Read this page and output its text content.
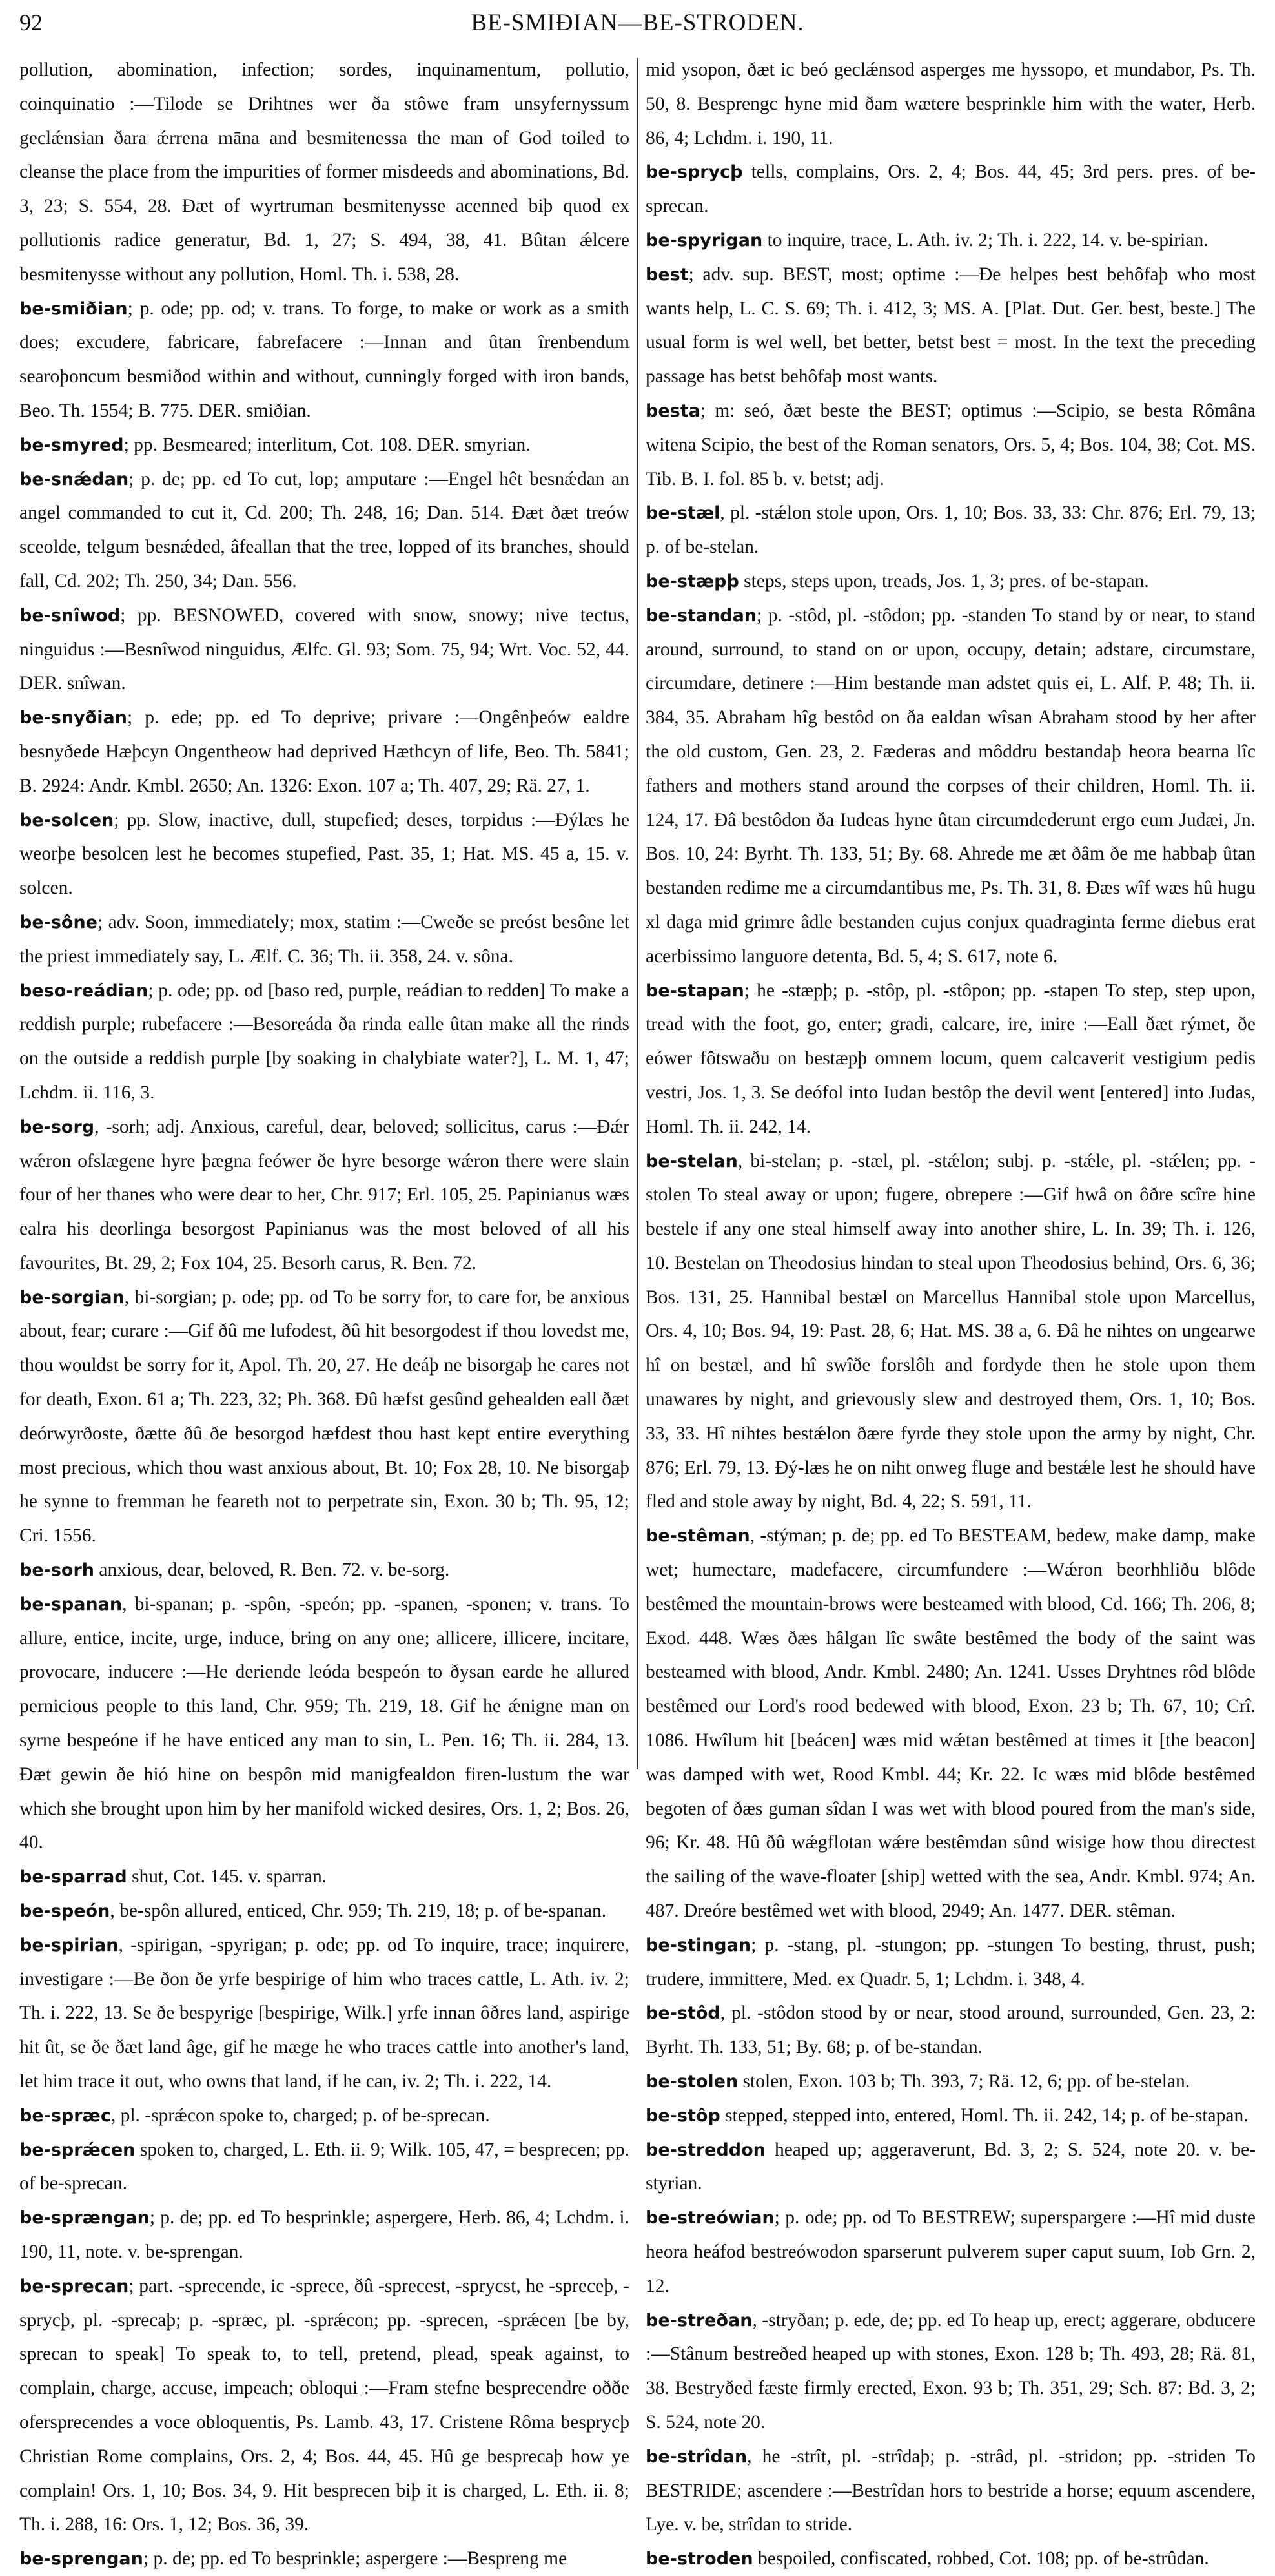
92	BE-SMIÐIAN—BE-STRODEN.

pollution, abomination, infection; sordes, inquinamentum, pollutio, coinquinatio :—Tilode se Drihtnes wer ða stôwe fram unsyfernyssum geclǽnsian ðara ǽrrena māna and besmitenessa the man of God toiled to cleanse the place from the impurities of former misdeeds and abominations, Bd. 3, 23; S. 554, 28. Ðæt of wyrtruman besmitenysse acenned biþ quod ex pollutionis radice generatur, Bd. 1, 27; S. 494, 38, 41. Bûtan ǽlcere besmitenysse without any pollution, Homl. Th. i. 538, 28.

be-smiðian; p. ode; pp. od; v. trans. To forge, to make or work as a smith does; excudere, fabricare, fabrefacere :—Innan and ûtan îrenbendum searoþoncum besmiðod within and without, cunningly forged with iron bands, Beo. Th. 1554; B. 775. DER. smiðian.

be-smyred; pp. Besmeared; interlitum, Cot. 108. DER. smyrian.

be-snǽdan; p. de; pp. ed To cut, lop; amputare :—Engel hêt besnǽdan an angel commanded to cut it, Cd. 200; Th. 248, 16; Dan. 514. Ðæt ðæt treów sceolde, telgum besnǽded, âfeallan that the tree, lopped of its branches, should fall, Cd. 202; Th. 250, 34; Dan. 556.

be-snîwod; pp. BESNOWED, covered with snow, snowy; nive tectus, ninguidus :—Besnîwod ninguidus, Ælfc. Gl. 93; Som. 75, 94; Wrt. Voc. 52, 44. DER. snîwan.

be-snyðian; p. ede; pp. ed To deprive; privare :—Ongênþeów ealdre besnyðede Hæþcyn Ongentheow had deprived Hæthcyn of life, Beo. Th. 5841; B. 2924: Andr. Kmbl. 2650; An. 1326: Exon. 107 a; Th. 407, 29; Rä. 27, 1.

be-solcen; pp. Slow, inactive, dull, stupefied; deses, torpidus :—Ðýlæs he weorþe besolcen lest he becomes stupefied, Past. 35, 1; Hat. MS. 45 a, 15. v. solcen.

be-sône; adv. Soon, immediately; mox, statim :—Cweðe se preóst besône let the priest immediately say, L. Ælf. C. 36; Th. ii. 358, 24. v. sôna.

beso-reádian; p. ode; pp. od [baso red, purple, reádian to redden] To make a reddish purple; rubefacere :—Besoreáda ða rinda ealle ûtan make all the rinds on the outside a reddish purple [by soaking in chalybiate water?], L. M. 1, 47; Lchdm. ii. 116, 3.

be-sorg, -sorh; adj. Anxious, careful, dear, beloved; sollicitus, carus :—Ðǽr wǽron ofslægene hyre þægna feówer ðe hyre besorge wǽron there were slain four of her thanes who were dear to her, Chr. 917; Erl. 105, 25. Papinianus wæs ealra his deorlinga besorgost Papinianus was the most beloved of all his favourites, Bt. 29, 2; Fox 104, 25. Besorh carus, R. Ben. 72.

be-sorgian, bi-sorgian; p. ode; pp. od To be sorry for, to care for, be anxious about, fear; curare :—Gif ðû me lufodest, ðû hit besorgodest if thou lovedst me, thou wouldst be sorry for it, Apol. Th. 20, 27. He deáþ ne bisorgaþ he cares not for death, Exon. 61 a; Th. 223, 32; Ph. 368. Ðû hæfst gesûnd gehealden eall ðæt deórwyrðoste, ðætte ðû ðe besorgod hæfdest thou hast kept entire everything most precious, which thou wast anxious about, Bt. 10; Fox 28, 10. Ne bisorgaþ he synne to fremman he feareth not to perpetrate sin, Exon. 30 b; Th. 95, 12; Cri. 1556.

be-sorh anxious, dear, beloved, R. Ben. 72. v. be-sorg.

be-spanan, bi-spanan; p. -spôn, -speón; pp. -spanen, -sponen; v. trans. To allure, entice, incite, urge, induce, bring on any one; allicere, illicere, incitare, provocare, inducere :—He deriende leóda bespeón to ðysan earde he allured pernicious people to this land, Chr. 959; Th. 219, 18. Gif he ǽnigne man on syrne bespeóne if he have enticed any man to sin, L. Pen. 16; Th. ii. 284, 13. Ðæt gewin ðe hió hine on bespôn mid manigfealdon firen-lustum the war which she brought upon him by her manifold wicked desires, Ors. 1, 2; Bos. 26, 40.

be-sparrad shut, Cot. 145. v. sparran.

be-speón, be-spôn allured, enticed, Chr. 959; Th. 219, 18; p. of be-spanan.

be-spirian, -spirigan, -spyrigan; p. ode; pp. od To inquire, trace; inquirere, investigare :—Be ðon ðe yrfe bespirige of him who traces cattle, L. Ath. iv. 2; Th. i. 222, 13. Se ðe bespyrige [bespirige, Wilk.] yrfe innan ôðres land, aspirige hit ût, se ðe ðæt land âge, gif he mæge he who traces cattle into another's land, let him trace it out, who owns that land, if he can, iv. 2; Th. i. 222, 14.

be-spræc, pl. -sprǽcon spoke to, charged; p. of be-sprecan.

be-sprǽcen spoken to, charged, L. Eth. ii. 9; Wilk. 105, 47, = besprecen; pp. of be-sprecan.

be-sprængan; p. de; pp. ed To besprinkle; aspergere, Herb. 86, 4; Lchdm. i. 190, 11, note. v. be-sprengan.

be-sprecan; part. -sprecende, ic -sprece, ðû -sprecest, -sprycst, he -spreceþ, -sprycþ, pl. -sprecaþ; p. -spræc, pl. -sprǽcon; pp. -sprecen, -sprǽcen [be by, sprecan to speak] To speak to, to tell, pretend, plead, speak against, to complain, charge, accuse, impeach; obloqui :—Fram stefne besprecendre oððe ofersprecendes a voce obloquentis, Ps. Lamb. 43, 17. Cristene Rôma besprycþ Christian Rome complains, Ors. 2, 4; Bos. 44, 45. Hû ge besprecaþ how ye complain! Ors. 1, 10; Bos. 34, 9. Hit besprecen biþ it is charged, L. Eth. ii. 8; Th. i. 288, 16: Ors. 1, 12; Bos. 36, 39.

be-sprengan; p. de; pp. ed To besprinkle; aspergere :—Bespreng me

mid ysopon, ðæt ic beó geclǽnsod asperges me hyssopo, et mundabor, Ps. Th. 50, 8. Besprengc hyne mid ðam wætere besprinkle him with the water, Herb. 86, 4; Lchdm. i. 190, 11.

be-sprycþ tells, complains, Ors. 2, 4; Bos. 44, 45; 3rd pers. pres. of be-sprecan.

be-spyrigan to inquire, trace, L. Ath. iv. 2; Th. i. 222, 14. v. be-spirian.

best; adv. sup. BEST, most; optime :—Ðe helpes best behôfaþ who most wants help, L. C. S. 69; Th. i. 412, 3; MS. A. [Plat. Dut. Ger. best, beste.] The usual form is wel well, bet better, betst best = most. In the text the preceding passage has betst behôfaþ most wants.

besta; m: seó, ðæt beste the BEST; optimus :—Scipio, se besta Rômâna witena Scipio, the best of the Roman senators, Ors. 5, 4; Bos. 104, 38; Cot. MS. Tib. B. I. fol. 85 b. v. betst; adj.

be-stæl, pl. -stǽlon stole upon, Ors. 1, 10; Bos. 33, 33: Chr. 876; Erl. 79, 13; p. of be-stelan.

be-stæpþ steps, steps upon, treads, Jos. 1, 3; pres. of be-stapan.

be-standan; p. -stôd, pl. -stôdon; pp. -standen To stand by or near, to stand around, surround, to stand on or upon, occupy, detain; adstare, circumstare, circumdare, detinere :—Him bestande man adstet quis ei, L. Alf. P. 48; Th. ii. 384, 35. Abraham hîg bestôd on ða ealdan wîsan Abraham stood by her after the old custom, Gen. 23, 2. Fæderas and môddru bestandaþ heora bearna lîc fathers and mothers stand around the corpses of their children, Homl. Th. ii. 124, 17. Ðâ bestôdon ða Iudeas hyne ûtan circumdederunt ergo eum Judæi, Jn. Bos. 10, 24: Byrht. Th. 133, 51; By. 68. Ahrede me æt ðâm ðe me habbaþ ûtan bestanden redime me a circumdantibus me, Ps. Th. 31, 8. Ðæs wîf wæs hû hugu xl daga mid grimre âdle bestanden cujus conjux quadraginta ferme diebus erat acerbissimo languore detenta, Bd. 5, 4; S. 617, note 6.

be-stapan; he -stæpþ; p. -stôp, pl. -stôpon; pp. -stapen To step, step upon, tread with the foot, go, enter; gradi, calcare, ire, inire :—Eall ðæt rýmet, ðe eówer fôtswaðu on bestæpþ omnem locum, quem calcaverit vestigium pedis vestri, Jos. 1, 3. Se deófol into Iudan bestôp the devil went [entered] into Judas, Homl. Th. ii. 242, 14.

be-stelan, bi-stelan; p. -stæl, pl. -stǽlon; subj. p. -stǽle, pl. -stǽlen; pp. -stolen To steal away or upon; fugere, obrepere :—Gif hwâ on ôðre scîre hine bestele if any one steal himself away into another shire, L. In. 39; Th. i. 126, 10. Bestelan on Theodosius hindan to steal upon Theodosius behind, Ors. 6, 36; Bos. 131, 25. Hannibal bestæl on Marcellus Hannibal stole upon Marcellus, Ors. 4, 10; Bos. 94, 19: Past. 28, 6; Hat. MS. 38 a, 6. Ðâ he nihtes on ungearwe hî on bestæl, and hî swîðe forslôh and fordyde then he stole upon them unawares by night, and grievously slew and destroyed them, Ors. 1, 10; Bos. 33, 33. Hî nihtes bestǽlon ðære fyrde they stole upon the army by night, Chr. 876; Erl. 79, 13. Ðý-læs he on niht onweg fluge and bestǽle lest he should have fled and stole away by night, Bd. 4, 22; S. 591, 11.

be-stêman, -stýman; p. de; pp. ed To BESTEAM, bedew, make damp, make wet; humectare, madefacere, circumfundere :—Wǽron beorhhliðu blôde bestêmed the mountain-brows were besteamed with blood, Cd. 166; Th. 206, 8; Exod. 448. Wæs ðæs hâlgan lîc swâte bestêmed the body of the saint was besteamed with blood, Andr. Kmbl. 2480; An. 1241. Usses Dryhtnes rôd blôde bestêmed our Lord's rood bedewed with blood, Exon. 23 b; Th. 67, 10; Crî. 1086. Hwîlum hit [beácen] wæs mid wǽtan bestêmed at times it [the beacon] was damped with wet, Rood Kmbl. 44; Kr. 22. Ic wæs mid blôde bestêmed begoten of ðæs guman sîdan I was wet with blood poured from the man's side, 96; Kr. 48. Hû ðû wǽgflotan wǽre bestêmdan sûnd wisige how thou directest the sailing of the wave-floater [ship] wetted with the sea, Andr. Kmbl. 974; An. 487. Dreóre bestêmed wet with blood, 2949; An. 1477. DER. stêman.

be-stingan; p. -stang, pl. -stungon; pp. -stungen To besting, thrust, push; trudere, immittere, Med. ex Quadr. 5, 1; Lchdm. i. 348, 4.

be-stôd, pl. -stôdon stood by or near, stood around, surrounded, Gen. 23, 2: Byrht. Th. 133, 51; By. 68; p. of be-standan.

be-stolen stolen, Exon. 103 b; Th. 393, 7; Rä. 12, 6; pp. of be-stelan.

be-stôp stepped, stepped into, entered, Homl. Th. ii. 242, 14; p. of be-stapan.

be-streddon heaped up; aggeraverunt, Bd. 3, 2; S. 524, note 20. v. be-styrian.

be-streówian; p. ode; pp. od To BESTREW; superspargere :—Hî mid duste heora heáfod bestreówodon sparserunt pulverem super caput suum, Iob Grn. 2, 12.

be-streðan, -stryðan; p. ede, de; pp. ed To heap up, erect; aggerare, obducere :—Stânum bestreðed heaped up with stones, Exon. 128 b; Th. 493, 28; Rä. 81, 38. Bestryðed fæste firmly erected, Exon. 93 b; Th. 351, 29; Sch. 87: Bd. 3, 2; S. 524, note 20.

be-strîdan, he -strît, pl. -strîdaþ; p. -strâd, pl. -stridon; pp. -striden To BESTRIDE; ascendere :—Bestrîdan hors to bestride a horse; equum ascendere, Lye. v. be, strîdan to stride.

be-stroden bespoiled, confiscated, robbed, Cot. 108; pp. of be-strûdan.
